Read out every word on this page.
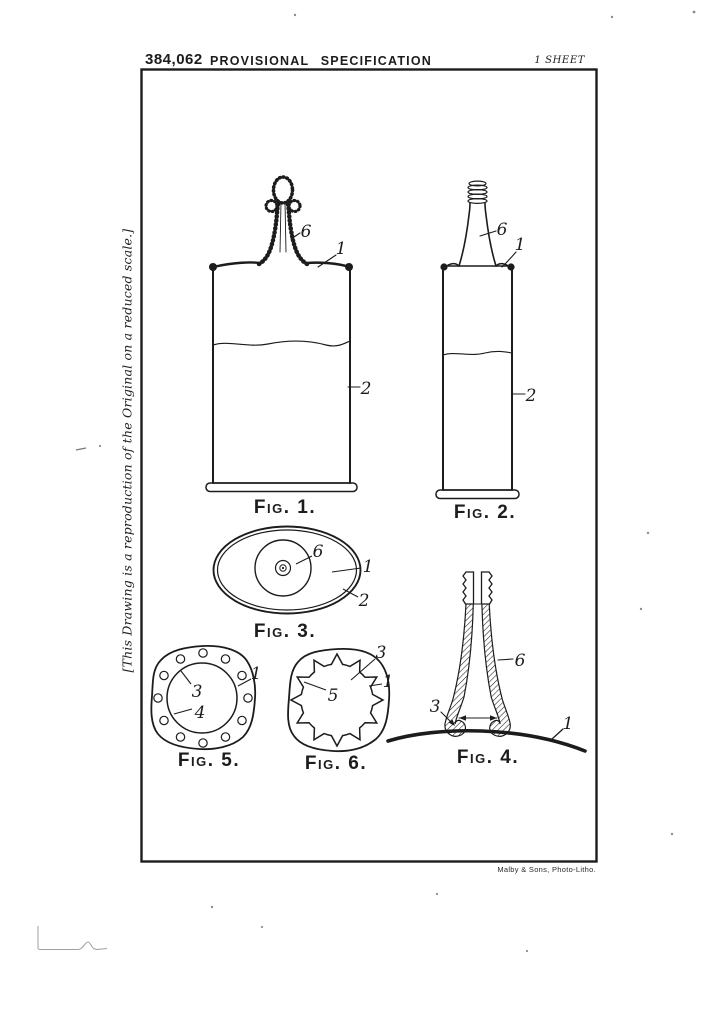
384,062 PROVISIONAL SPECIFICATION	1 SHEET
[This Drawing is a reproduction of the Original on a reduced scale.]
Malby & Sons, Photo-Litho.
6
1
2
Fig. 1.
6
1
2
Fig. 2.
6
1
2
Fig. 3.
6
3
1
Fig. 4.
1
3
4
Fig. 5.
3
1
5
Fig. 6.
